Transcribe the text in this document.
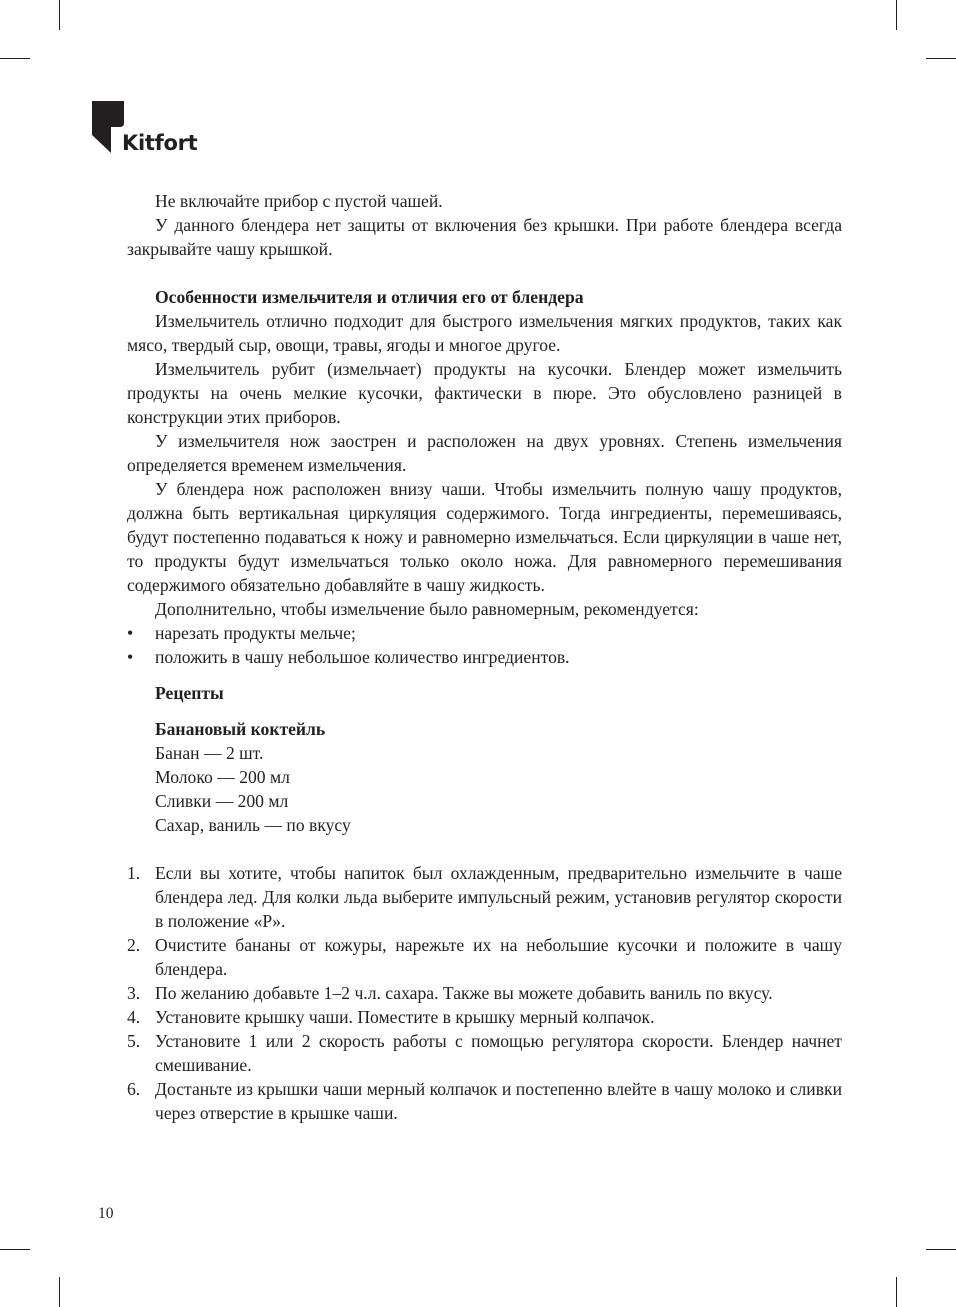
Kitfort

Не включайте прибор с пустой чашей.

У данного блендера нет защиты от включения без крышки. При работе блендера всегда закрывайте чашу крышкой.

Особенности измельчителя и отличия его от блендера

Измельчитель отлично подходит для быстрого измельчения мягких продуктов, таких как мясо, твердый сыр, овощи, травы, ягоды и многое другое.

Измельчитель рубит (измельчает) продукты на кусочки. Блендер может измельчить продукты на очень мелкие кусочки, фактически в пюре. Это обусловлено разницей в конструкции этих приборов.

У измельчителя нож заострен и расположен на двух уровнях. Степень измельчения определяется временем измельчения.

У блендера нож расположен внизу чаши. Чтобы измельчить полную чашу продуктов, должна быть вертикальная циркуляция содержимого. Тогда ингредиенты, перемешиваясь, будут постепенно подаваться к ножу и равномерно измельчаться. Если циркуляции в чаше нет, то продукты будут измельчаться только около ножа. Для равномерного перемешивания содержимого обязательно добавляйте в чашу жидкость.

Дополнительно, чтобы измельчение было равномерным, рекомендуется:

• нарезать продукты мельче;
• положить в чашу небольшое количество ингредиентов.
Рецепты
Банановый коктейль
Банан — 2 шт.
Молоко — 200 мл
Сливки — 200 мл
Сахар, ваниль — по вкусу
1. Если вы хотите, чтобы напиток был охлажденным, предварительно измельчите в чаше блендера лед. Для колки льда выберите импульсный режим, установив регулятор скорости в положение «P».
2. Очистите бананы от кожуры, нарежьте их на небольшие кусочки и положите в чашу блендера.
3. По желанию добавьте 1–2 ч.л. сахара. Также вы можете добавить ваниль по вкусу.
4. Установите крышку чаши. Поместите в крышку мерный колпачок.
5. Установите 1 или 2 скорость работы с помощью регулятора скорости. Блендер начнет смешивание.
6. Достаньте из крышки чаши мерный колпачок и постепенно влейте в чашу молоко и сливки через отверстие в крышке чаши.
10
